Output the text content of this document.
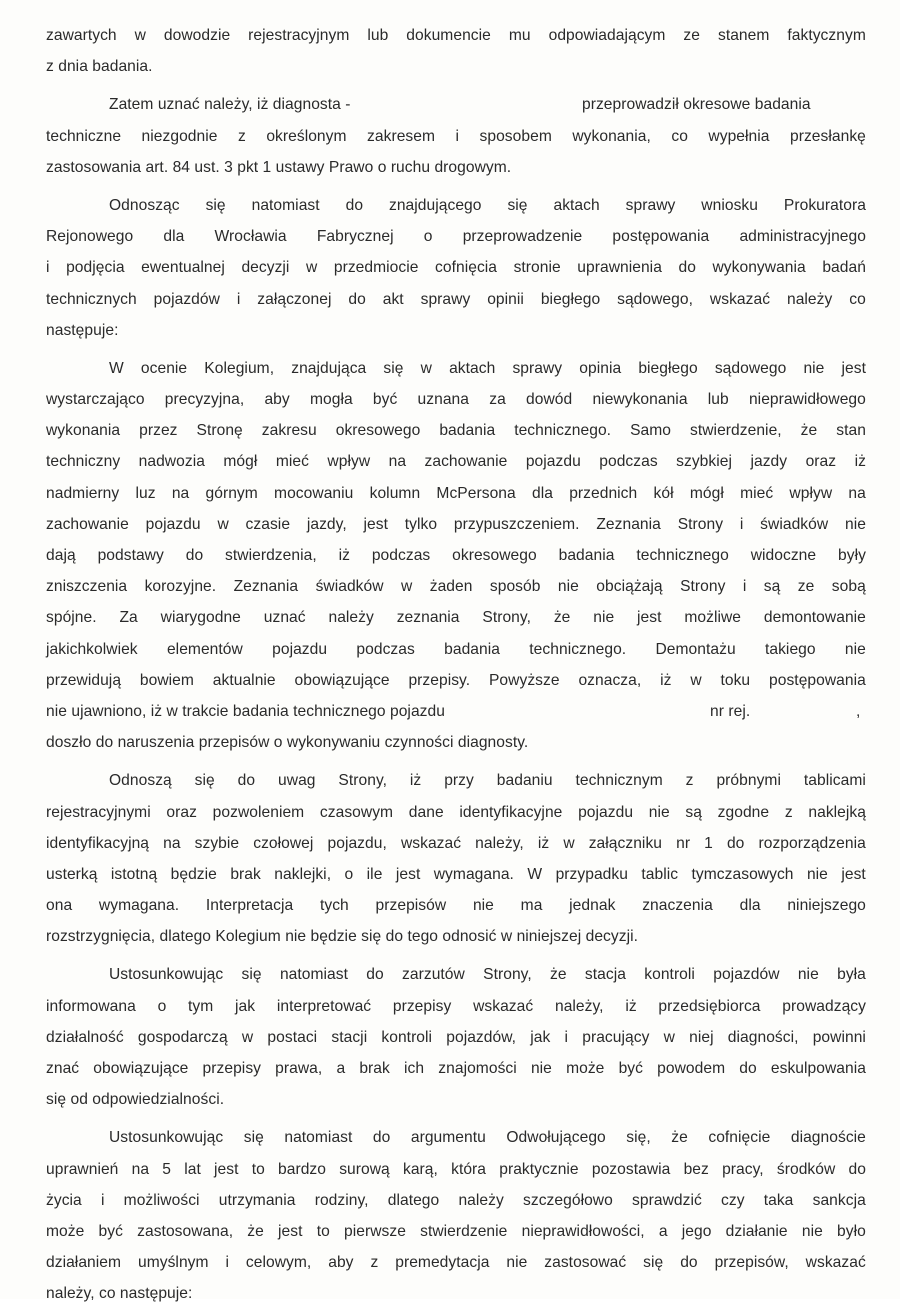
zawartych w dowodzie rejestracyjnym lub dokumencie mu odpowiadającym ze stanem faktycznym
z dnia badania.
Zatem uznać należy, iż diagnosta -	przeprowadził okresowe badania
techniczne niezgodnie z określonym zakresem i sposobem wykonania, co wypełnia przesłankę
zastosowania art. 84 ust. 3 pkt 1 ustawy Prawo o ruchu drogowym.
Odnosząc się natomiast do znajdującego się aktach sprawy wniosku Prokuratora
Rejonowego dla Wrocławia Fabrycznej o przeprowadzenie postępowania administracyjnego
i podjęcia ewentualnej decyzji w przedmiocie cofnięcia stronie uprawnienia do wykonywania badań
technicznych pojazdów i załączonej do akt sprawy opinii biegłego sądowego, wskazać należy co
następuje:
W ocenie Kolegium, znajdująca się w aktach sprawy opinia biegłego sądowego nie jest
wystarczająco precyzyjna, aby mogła być uznana za dowód niewykonania lub nieprawidłowego
wykonania przez Stronę zakresu okresowego badania technicznego. Samo stwierdzenie, że stan
techniczny nadwozia mógł mieć wpływ na zachowanie pojazdu podczas szybkiej jazdy oraz iż
nadmierny luz na górnym mocowaniu kolumn McPersona dla przednich kół mógł mieć wpływ na
zachowanie pojazdu w czasie jazdy, jest tylko przypuszczeniem. Zeznania Strony i świadków nie
dają podstawy do stwierdzenia, iż podczas okresowego badania technicznego widoczne były
zniszczenia korozyjne. Zeznania świadków w żaden sposób nie obciążają Strony i są ze sobą
spójne. Za wiarygodne uznać należy zeznania Strony, że nie jest możliwe demontowanie
jakichkolwiek elementów pojazdu podczas badania technicznego. Demontażu takiego nie
przewidują bowiem aktualnie obowiązujące przepisy. Powyższe oznacza, iż w toku postępowania
nie ujawniono, iż w trakcie badania technicznego pojazdu	nr rej.	,
doszło do naruszenia przepisów o wykonywaniu czynności diagnosty.
Odnoszą się do uwag Strony, iż przy badaniu technicznym z próbnymi tablicami
rejestracyjnymi oraz pozwoleniem czasowym dane identyfikacyjne pojazdu nie są zgodne z naklejką
identyfikacyjną na szybie czołowej pojazdu, wskazać należy, iż w załączniku nr 1 do rozporządzenia
usterką istotną będzie brak naklejki, o ile jest wymagana. W przypadku tablic tymczasowych nie jest
ona wymagana. Interpretacja tych przepisów nie ma jednak znaczenia dla niniejszego
rozstrzygnięcia, dlatego Kolegium nie będzie się do tego odnosić w niniejszej decyzji.
Ustosunkowując się natomiast do zarzutów Strony, że stacja kontroli pojazdów nie była
informowana o tym jak interpretować przepisy wskazać należy, iż przedsiębiorca prowadzący
działalność gospodarczą w postaci stacji kontroli pojazdów, jak i pracujący w niej diagności, powinni
znać obowiązujące przepisy prawa, a brak ich znajomości nie może być powodem do eskulpowania
się od odpowiedzialności.
Ustosunkowując się natomiast do argumentu Odwołującego się, że cofnięcie diagnoście
uprawnień na 5 lat jest to bardzo surową karą, która praktycznie pozostawia bez pracy, środków do
życia i możliwości utrzymania rodziny, dlatego należy szczegółowo sprawdzić czy taka sankcja
może być zastosowana, że jest to pierwsze stwierdzenie nieprawidłowości, a jego działanie nie było
działaniem umyślnym i celowym, aby z premedytacja nie zastosować się do przepisów, wskazać
należy, co następuje:
